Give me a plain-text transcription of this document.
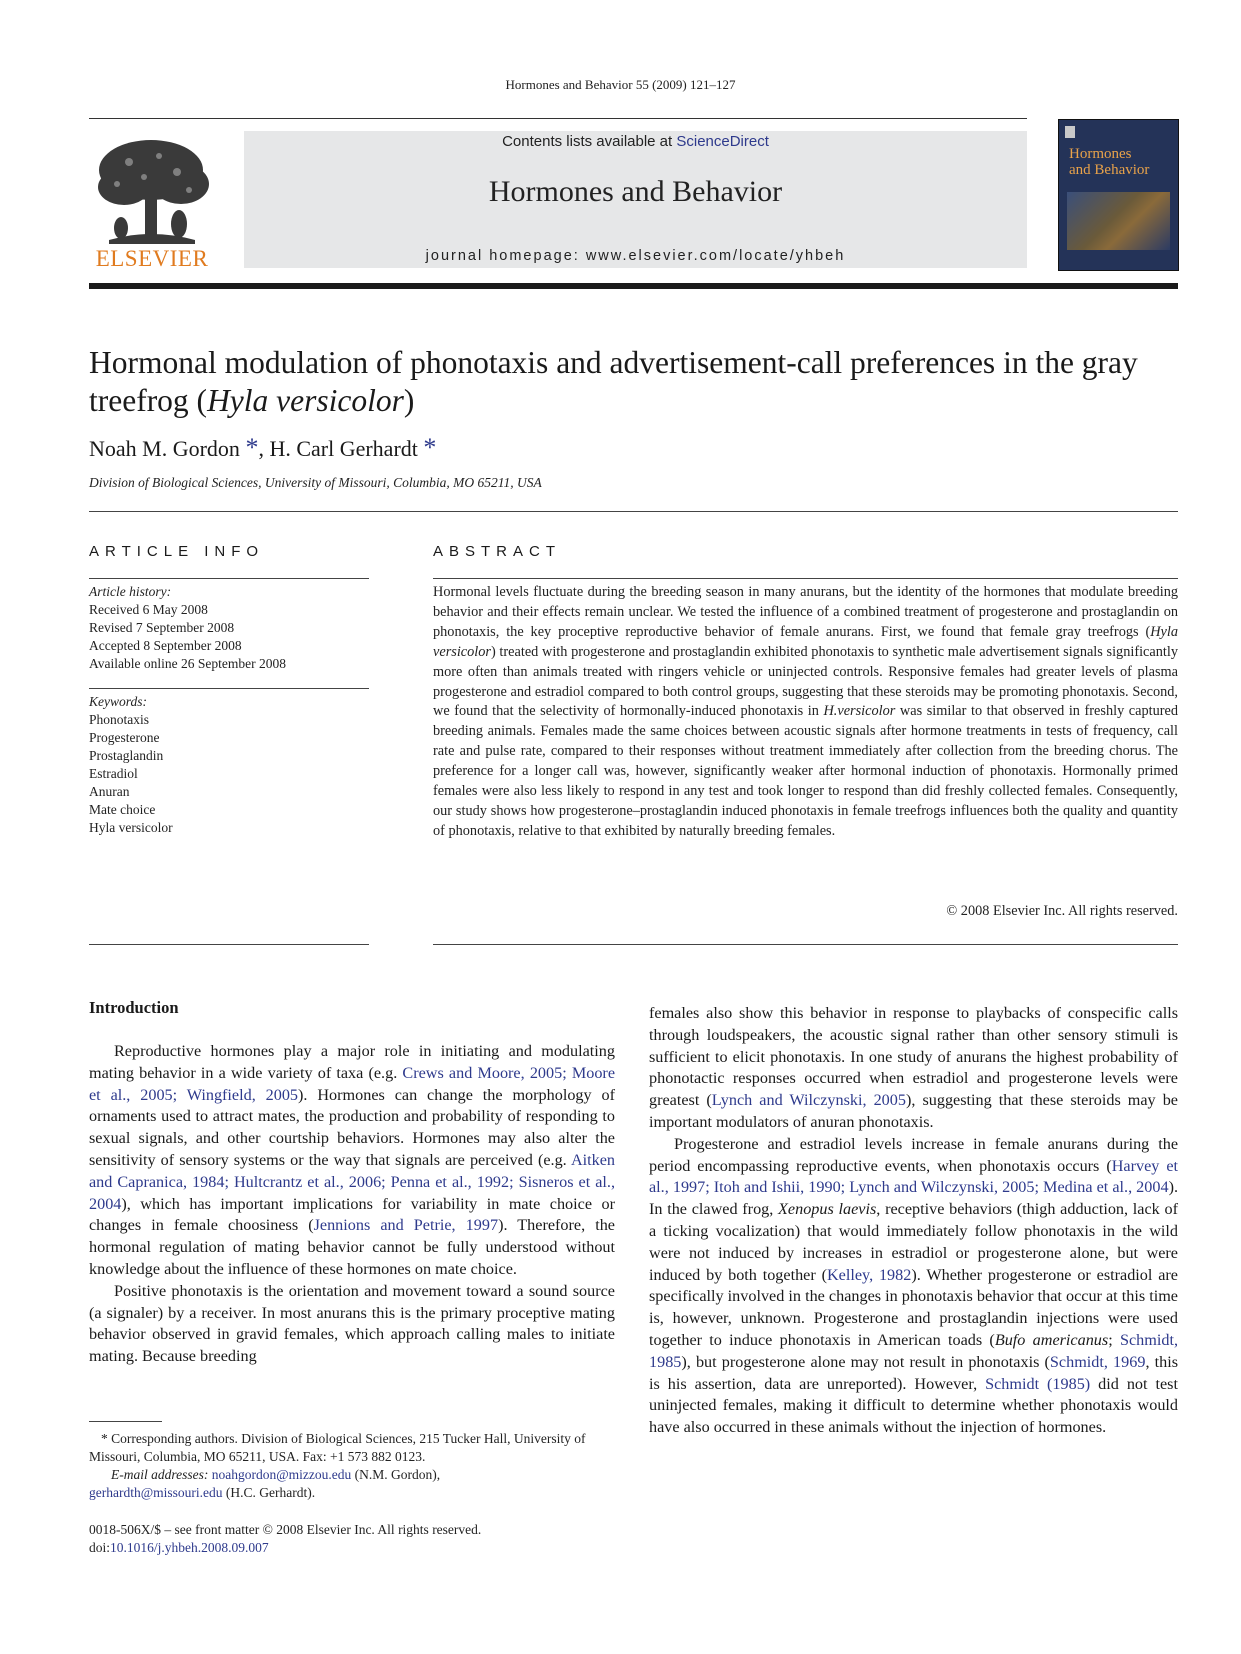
Hormones and Behavior 55 (2009) 121–127
ELSEVIER
Contents lists available at ScienceDirect
Hormones and Behavior
journal homepage: www.elsevier.com/locate/yhbeh
Hormones
and Behavior
Hormonal modulation of phonotaxis and advertisement-call preferences in the gray treefrog (Hyla versicolor)
Noah M. Gordon *, H. Carl Gerhardt *
Division of Biological Sciences, University of Missouri, Columbia, MO 65211, USA
ARTICLE INFO	ABSTRACT
Article history:
Received 6 May 2008
Revised 7 September 2008
Accepted 8 September 2008
Available online 26 September 2008
Keywords:
Phonotaxis
Progesterone
Prostaglandin
Estradiol
Anuran
Mate choice
Hyla versicolor
Hormonal levels fluctuate during the breeding season in many anurans, but the identity of the hormones that modulate breeding behavior and their effects remain unclear. We tested the influence of a combined treatment of progesterone and prostaglandin on phonotaxis, the key proceptive reproductive behavior of female anurans. First, we found that female gray treefrogs (Hyla versicolor) treated with progesterone and prostaglandin exhibited phonotaxis to synthetic male advertisement signals significantly more often than animals treated with ringers vehicle or uninjected controls. Responsive females had greater levels of plasma progesterone and estradiol compared to both control groups, suggesting that these steroids may be promoting phonotaxis. Second, we found that the selectivity of hormonally-induced phonotaxis in H.versicolor was similar to that observed in freshly captured breeding animals. Females made the same choices between acoustic signals after hormone treatments in tests of frequency, call rate and pulse rate, compared to their responses without treatment immediately after collection from the breeding chorus. The preference for a longer call was, however, significantly weaker after hormonal induction of phonotaxis. Hormonally primed females were also less likely to respond in any test and took longer to respond than did freshly collected females. Consequently, our study shows how progesterone–prostaglandin induced phonotaxis in female treefrogs influences both the quality and quantity of phonotaxis, relative to that exhibited by naturally breeding females.
© 2008 Elsevier Inc. All rights reserved.
Introduction

Reproductive hormones play a major role in initiating and modulating mating behavior in a wide variety of taxa (e.g. Crews and Moore, 2005; Moore et al., 2005; Wingfield, 2005). Hormones can change the morphology of ornaments used to attract mates, the production and probability of responding to sexual signals, and other courtship behaviors. Hormones may also alter the sensitivity of sensory systems or the way that signals are perceived (e.g. Aitken and Capranica, 1984; Hultcrantz et al., 2006; Penna et al., 1992; Sisneros et al., 2004), which has important implications for variability in mate choice or changes in female choosiness (Jennions and Petrie, 1997). Therefore, the hormonal regulation of mating behavior cannot be fully understood without knowledge about the influence of these hormones on mate choice.

Positive phonotaxis is the orientation and movement toward a sound source (a signaler) by a receiver. In most anurans this is the primary proceptive mating behavior observed in gravid females, which approach calling males to initiate mating. Because breeding

females also show this behavior in response to playbacks of conspecific calls through loudspeakers, the acoustic signal rather than other sensory stimuli is sufficient to elicit phonotaxis. In one study of anurans the highest probability of phonotactic responses occurred when estradiol and progesterone levels were greatest (Lynch and Wilczynski, 2005), suggesting that these steroids may be important modulators of anuran phonotaxis.

Progesterone and estradiol levels increase in female anurans during the period encompassing reproductive events, when phonotaxis occurs (Harvey et al., 1997; Itoh and Ishii, 1990; Lynch and Wilczynski, 2005; Medina et al., 2004). In the clawed frog, Xenopus laevis, receptive behaviors (thigh adduction, lack of a ticking vocalization) that would immediately follow phonotaxis in the wild were not induced by increases in estradiol or progesterone alone, but were induced by both together (Kelley, 1982). Whether progesterone or estradiol are specifically involved in the changes in phonotaxis behavior that occur at this time is, however, unknown. Progesterone and prostaglandin injections were used together to induce phonotaxis in American toads (Bufo americanus; Schmidt, 1985), but progesterone alone may not result in phonotaxis (Schmidt, 1969, this is his assertion, data are unreported). However, Schmidt (1985) did not test uninjected females, making it difficult to determine whether phonotaxis would have also occurred in these animals without the injection of hormones.

* Corresponding authors. Division of Biological Sciences, 215 Tucker Hall, University of Missouri, Columbia, MO 65211, USA. Fax: +1 573 882 0123.
E-mail addresses: noahgordon@mizzou.edu (N.M. Gordon),
gerhardth@missouri.edu (H.C. Gerhardt).
0018-506X/$ – see front matter © 2008 Elsevier Inc. All rights reserved.
doi:10.1016/j.yhbeh.2008.09.007
